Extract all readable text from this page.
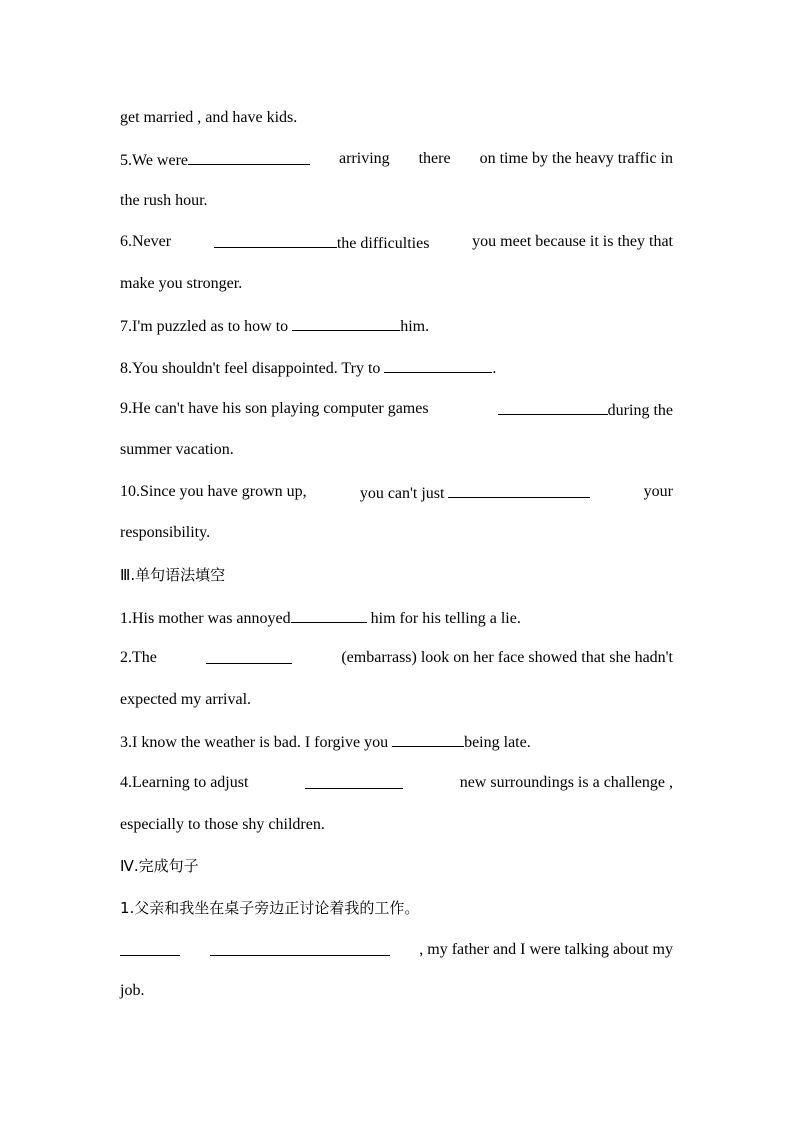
get married , and have kids.
5.We were	arriving there on time by the heavy traffic in
the rush hour.
6.Never	the difficulties	you meet because it is they that
make you stronger.
7.I'm puzzled as to how to	him.
8.You shouldn't feel disappointed. Try to	.
9.He can't have his son playing computer games	during the
summer vacation.
10.Since you have grown up,	you can't just	your
responsibility.
Ⅲ.单句语法填空
1.His mother was annoyed	him for his telling a lie.
2.The	(embarrass) look on her face showed that she hadn't
expected my arrival.
3.I know the weather is bad. I forgive you	being late.
4.Learning to adjust	new surroundings is a challenge ,
especially to those shy children.
Ⅳ.完成句子
1.父亲和我坐在桌子旁边正讨论着我的工作。
, my father and I were talking about my
job.
